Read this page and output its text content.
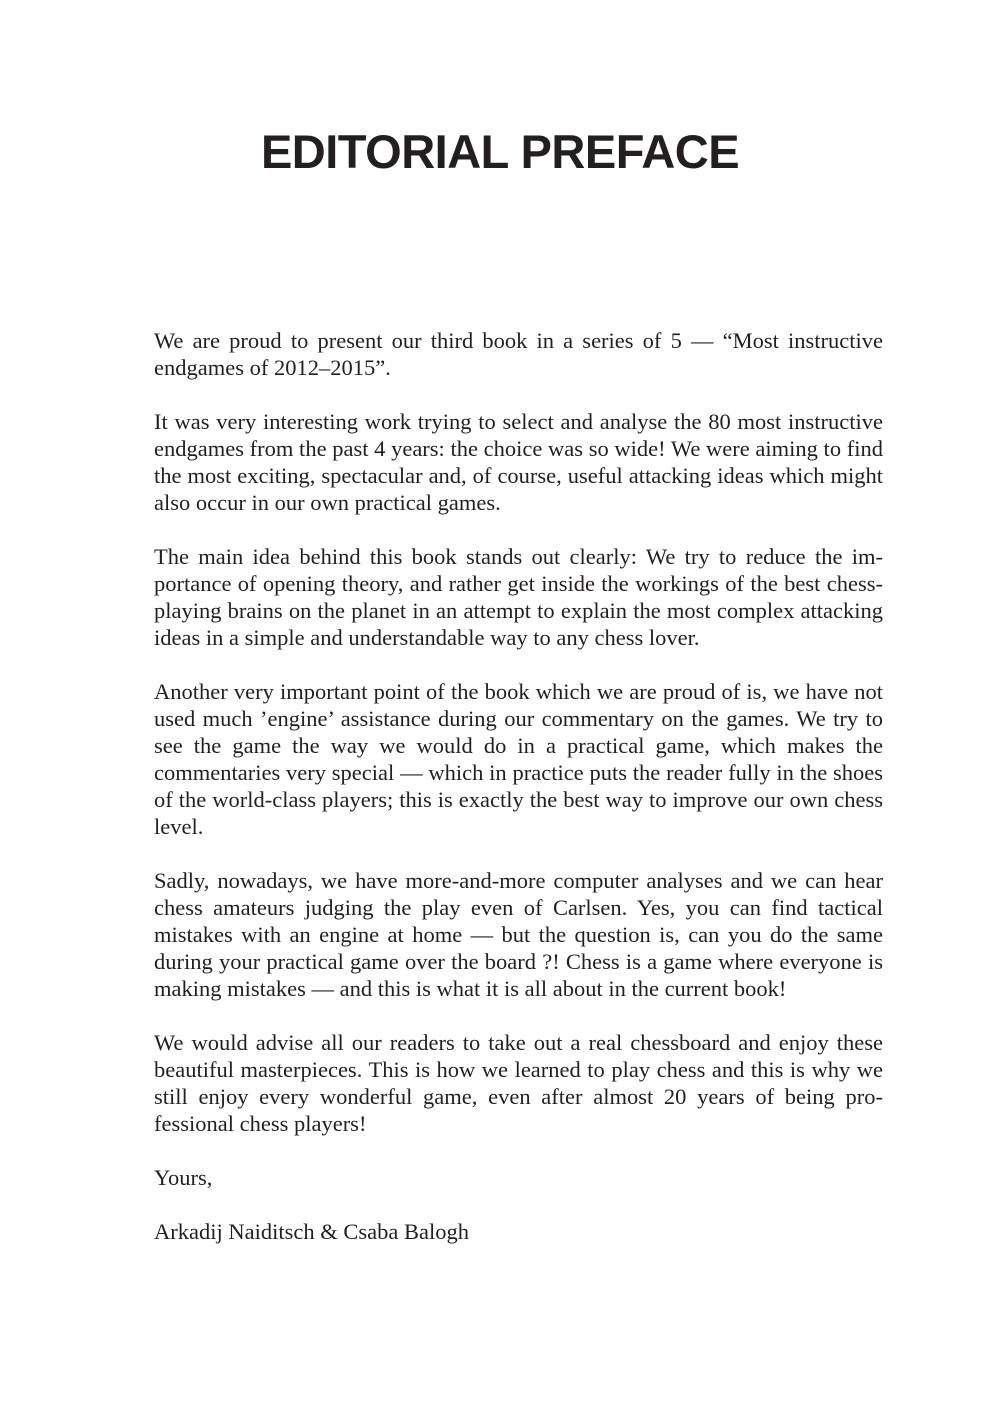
EDITORIAL PREFACE

We are proud to present our third book in a series of 5 — “Most instructive endgames of 2012–2015”.

It was very interesting work trying to select and analyse the 80 most instructive endgames from the past 4 years: the choice was so wide! We were aiming to find the most exciting, spectacular and, of course, useful attacking ideas which might also occur in our own practical games.

The main idea behind this book stands out clearly: We try to reduce the importance of opening theory, and rather get inside the workings of the best chess-playing brains on the planet in an attempt to explain the most complex attacking ideas in a simple and understandable way to any chess lover.

Another very important point of the book which we are proud of is, we have not used much ’engine’ assistance during our commentary on the games. We try to see the game the way we would do in a practical game, which makes the commentaries very special — which in practice puts the reader fully in the shoes of the world-class players; this is exactly the best way to improve our own chess level.

Sadly, nowadays, we have more-and-more computer analyses and we can hear chess amateurs judging the play even of Carlsen. Yes, you can find tactical mistakes with an engine at home — but the question is, can you do the same during your practical game over the board ?! Chess is a game where everyone is making mistakes — and this is what it is all about in the current book!

We would advise all our readers to take out a real chessboard and enjoy these beautiful masterpieces. This is how we learned to play chess and this is why we still enjoy every wonderful game, even after almost 20 years of being professional chess players!

Yours,

Arkadij Naiditsch & Csaba Balogh
